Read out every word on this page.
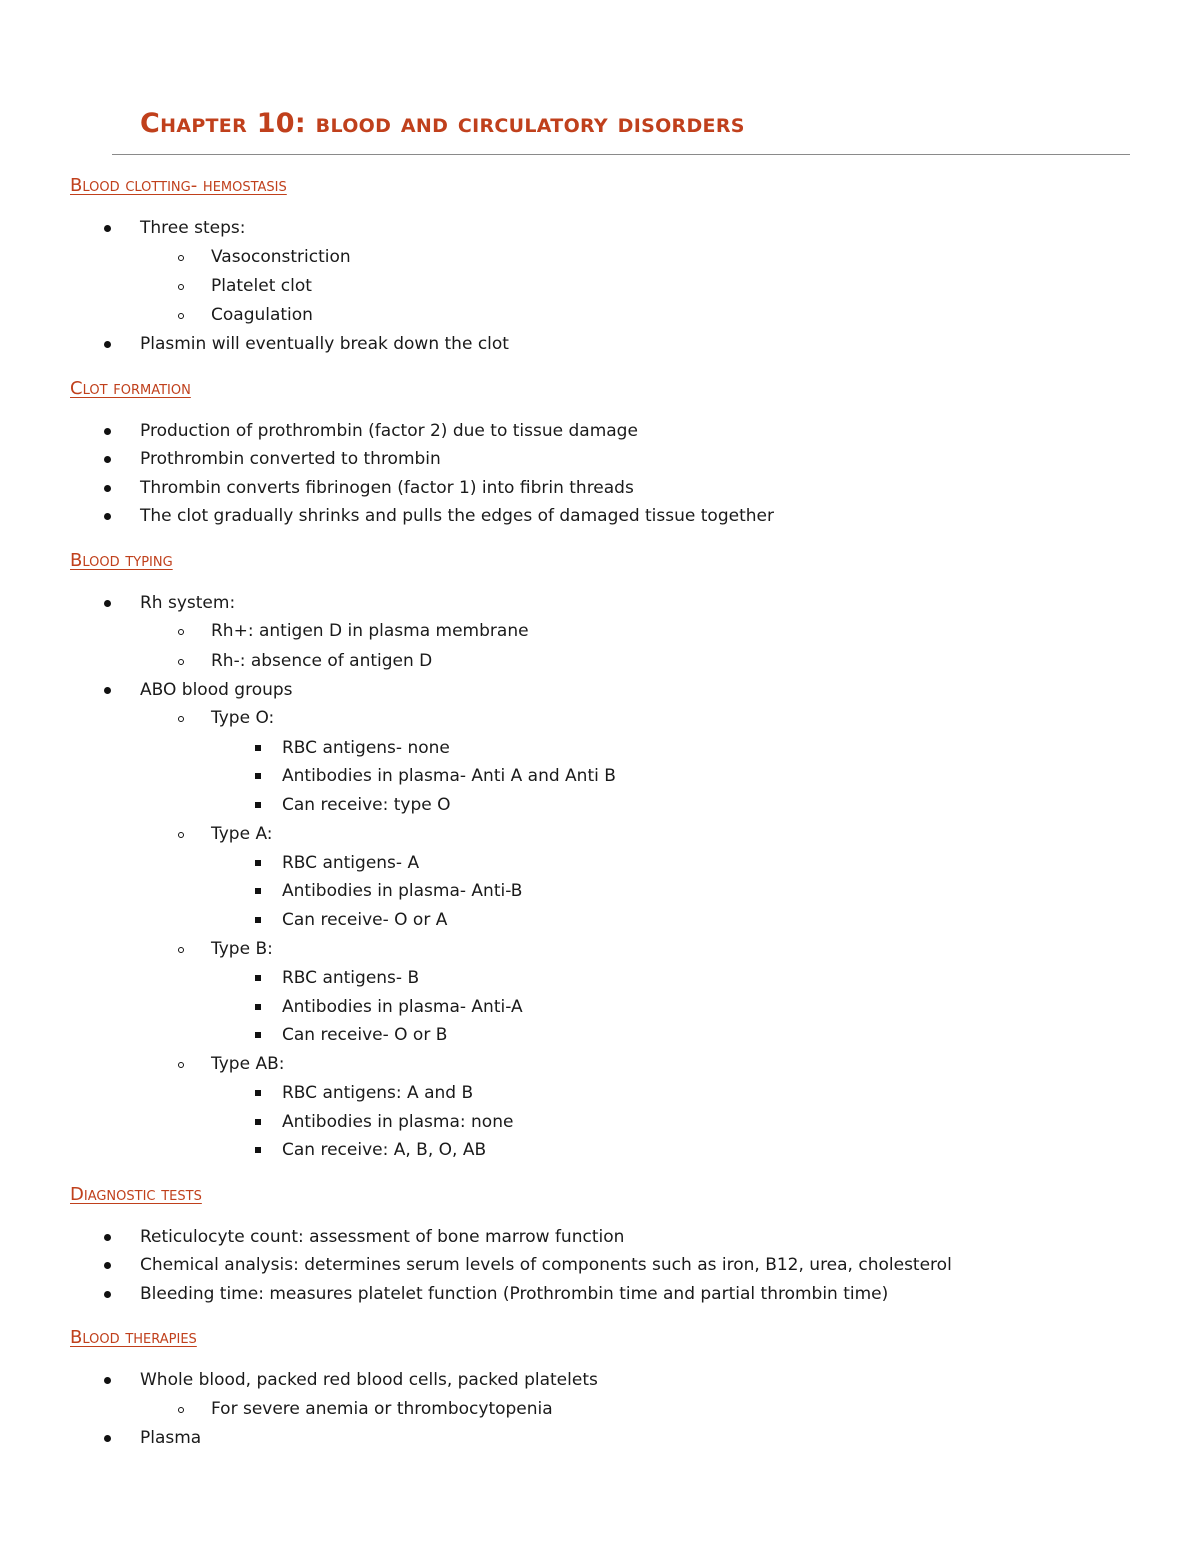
Chapter 10: blood and circulatory disorders
Blood clotting- hemostasis
Three steps:
Vasoconstriction
Platelet clot
Coagulation
Plasmin will eventually break down the clot
Clot formation
Production of prothrombin (factor 2) due to tissue damage
Prothrombin converted to thrombin
Thrombin converts fibrinogen (factor 1) into fibrin threads
The clot gradually shrinks and pulls the edges of damaged tissue together
Blood typing
Rh system:
Rh+: antigen D in plasma membrane
Rh-: absence of antigen D
ABO blood groups
Type O:
RBC antigens- none
Antibodies in plasma- Anti A and Anti B
Can receive: type O
Type A:
RBC antigens- A
Antibodies in plasma- Anti-B
Can receive- O or A
Type B:
RBC antigens- B
Antibodies in plasma- Anti-A
Can receive- O or B
Type AB:
RBC antigens: A and B
Antibodies in plasma: none
Can receive: A, B, O, AB
Diagnostic tests
Reticulocyte count: assessment of bone marrow function
Chemical analysis: determines serum levels of components such as iron, B12, urea, cholesterol
Bleeding time: measures platelet function (Prothrombin time and partial thrombin time)
Blood therapies
Whole blood, packed red blood cells, packed platelets
For severe anemia or thrombocytopenia
Plasma
